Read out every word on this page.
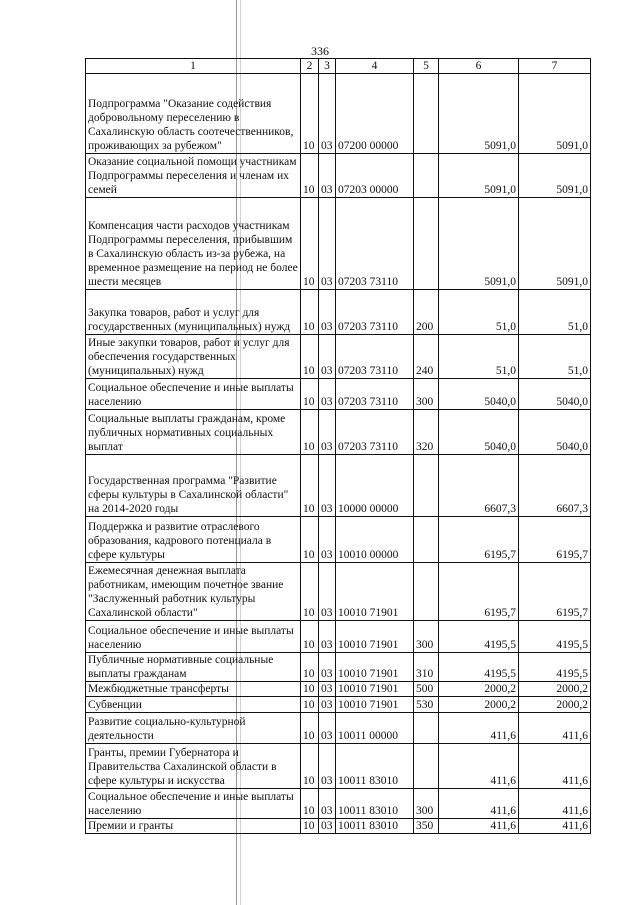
336
1	2	3	4	5	6	7
Подпрограмма "Оказание содействия добровольному переселению в Сахалинскую область соотечественников, проживающих за рубежом"	10	03	07200 00000		5091,0	5091,0
Оказание социальной помощи участникам Подпрограммы переселения и членам их семей	10	03	07203 00000		5091,0	5091,0
Компенсация части расходов участникам Подпрограммы переселения, прибывшим в Сахалинскую область из-за рубежа, на временное размещение на период не более шести месяцев	10	03	07203 73110		5091,0	5091,0
Закупка товаров, работ и услуг для государственных (муниципальных) нужд	10	03	07203 73110	200	51,0	51,0
Иные закупки товаров, работ и услуг для обеспечения государственных (муниципальных) нужд	10	03	07203 73110	240	51,0	51,0
Социальное обеспечение и иные выплаты населению	10	03	07203 73110	300	5040,0	5040,0
Социальные выплаты гражданам, кроме публичных нормативных социальных выплат	10	03	07203 73110	320	5040,0	5040,0
Государственная программа "Развитие сферы культуры в Сахалинской области" на 2014-2020 годы	10	03	10000 00000		6607,3	6607,3
Поддержка и развитие отраслевого образования, кадрового потенциала в сфере культуры	10	03	10010 00000		6195,7	6195,7
Ежемесячная денежная выплата работникам, имеющим почетное звание "Заслуженный работник культуры Сахалинской области"	10	03	10010 71901		6195,7	6195,7
Социальное обеспечение и иные выплаты населению	10	03	10010 71901	300	4195,5	4195,5
Публичные нормативные социальные выплаты гражданам	10	03	10010 71901	310	4195,5	4195,5
Межбюджетные трансферты	10	03	10010 71901	500	2000,2	2000,2
Субвенции	10	03	10010 71901	530	2000,2	2000,2
Развитие социально-культурной деятельности	10	03	10011 00000		411,6	411,6
Гранты, премии Губернатора и Правительства Сахалинской области в сфере культуры и искусства	10	03	10011 83010		411,6	411,6
Социальное обеспечение и иные выплаты населению	10	03	10011 83010	300	411,6	411,6
Премии и гранты	10	03	10011 83010	350	411,6	411,6
